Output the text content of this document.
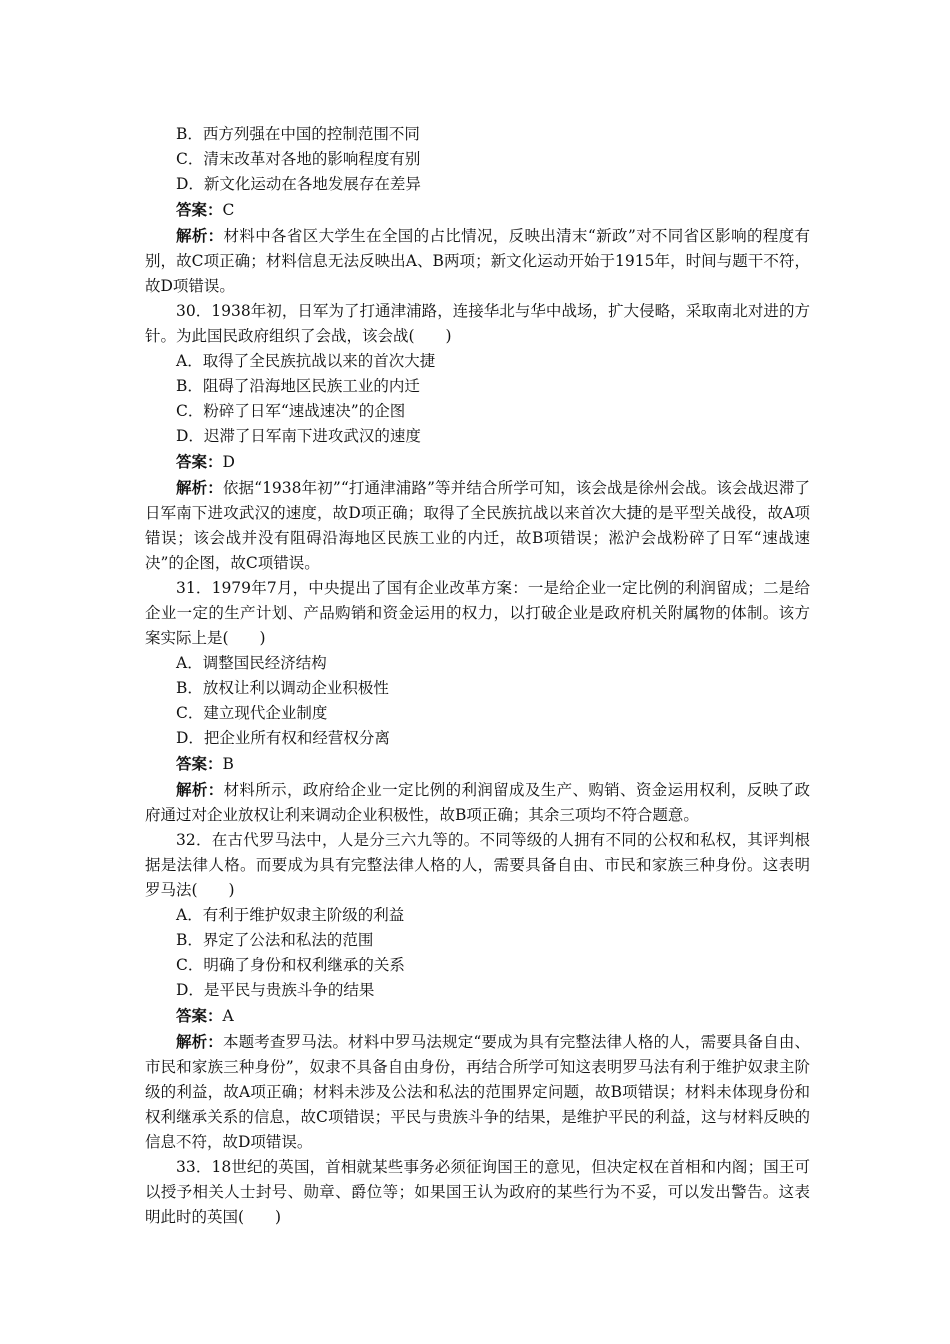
B．西方列强在中国的控制范围不同
C．清末改革对各地的影响程度有别
D．新文化运动在各地发展存在差异
答案：C
解析：材料中各省区大学生在全国的占比情况，反映出清末“新政”对不同省区影响的程度有别，故C项正确；材料信息无法反映出A、B两项；新文化运动开始于1915年，时间与题干不符，故D项错误。
30．1938年初，日军为了打通津浦路，连接华北与华中战场，扩大侵略，采取南北对进的方针。为此国民政府组织了会战，该会战(　　)
A．取得了全民族抗战以来的首次大捷
B．阻碍了沿海地区民族工业的内迁
C．粉碎了日军“速战速决”的企图
D．迟滞了日军南下进攻武汉的速度
答案：D
解析：依据“1938年初”“打通津浦路”等并结合所学可知，该会战是徐州会战。该会战迟滞了日军南下进攻武汉的速度，故D项正确；取得了全民族抗战以来首次大捷的是平型关战役，故A项错误；该会战并没有阻碍沿海地区民族工业的内迁，故B项错误；淞沪会战粉碎了日军“速战速决”的企图，故C项错误。
31．1979年7月，中央提出了国有企业改革方案：一是给企业一定比例的利润留成；二是给企业一定的生产计划、产品购销和资金运用的权力，以打破企业是政府机关附属物的体制。该方案实际上是(　　)
A．调整国民经济结构
B．放权让利以调动企业积极性
C．建立现代企业制度
D．把企业所有权和经营权分离
答案：B
解析：材料所示，政府给企业一定比例的利润留成及生产、购销、资金运用权利，反映了政府通过对企业放权让利来调动企业积极性，故B项正确；其余三项均不符合题意。
32．在古代罗马法中，人是分三六九等的。不同等级的人拥有不同的公权和私权，其评判根据是法律人格。而要成为具有完整法律人格的人，需要具备自由、市民和家族三种身份。这表明罗马法(　　)
A．有利于维护奴隶主阶级的利益
B．界定了公法和私法的范围
C．明确了身份和权利继承的关系
D．是平民与贵族斗争的结果
答案：A
解析：本题考查罗马法。材料中罗马法规定“要成为具有完整法律人格的人，需要具备自由、市民和家族三种身份”，奴隶不具备自由身份，再结合所学可知这表明罗马法有利于维护奴隶主阶级的利益，故A项正确；材料未涉及公法和私法的范围界定问题，故B项错误；材料未体现身份和权利继承关系的信息，故C项错误；平民与贵族斗争的结果，是维护平民的利益，这与材料反映的信息不符，故D项错误。
33．18世纪的英国，首相就某些事务必须征询国王的意见，但决定权在首相和内阁；国王可以授予相关人士封号、勋章、爵位等；如果国王认为政府的某些行为不妥，可以发出警告。这表明此时的英国(　　)
